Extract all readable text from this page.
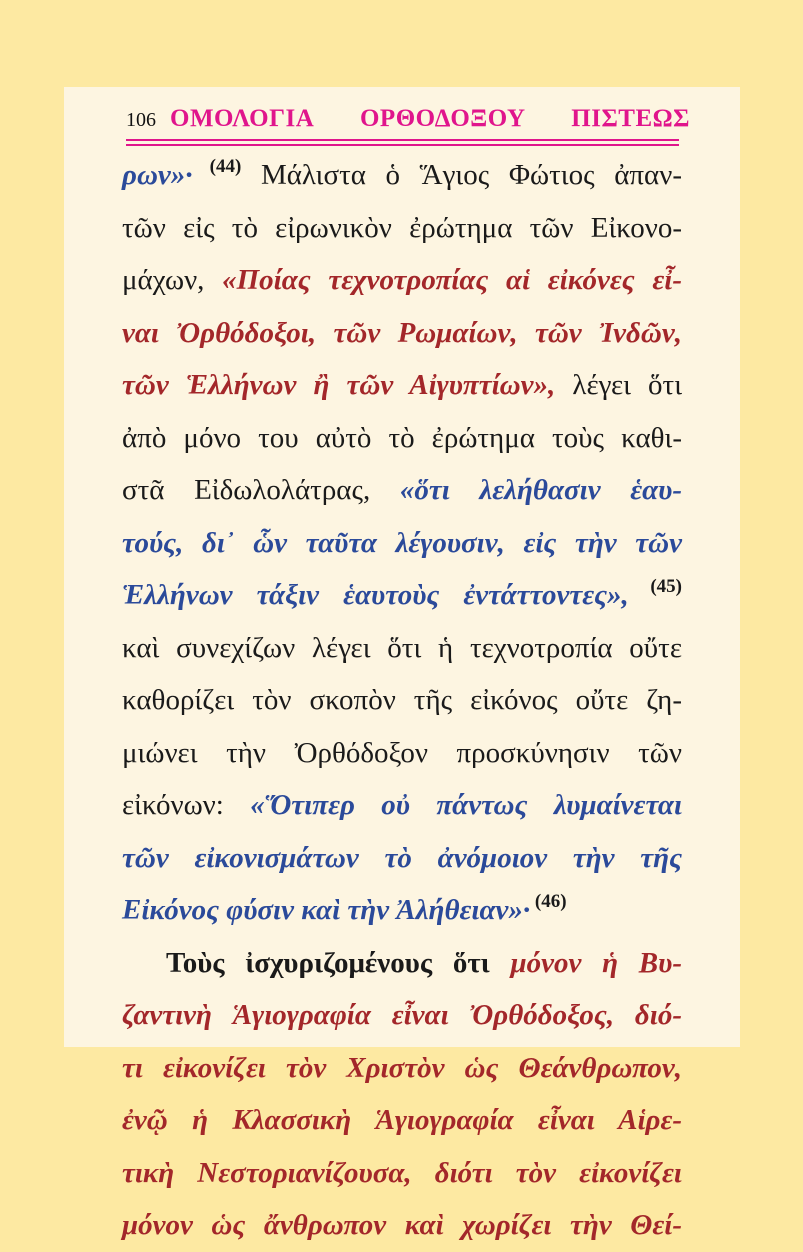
106 ΟΜΟΛΟΓΙΑ ΟΡΘΟΔΟΞΟΥ ΠΙΣΤΕΩΣ
ρων»· $^{(44)}$ Μάλιστα ὁ Ἅγιος Φώτιος ἀπαν-
τῶν εἰς τὸ εἰρωνικὸν ἐρώτημα τῶν Εἰκονο-
μάχων, «Ποίας τεχνοτροπίας αἱ εἰκόνες εἶ-
ναι Ὀρθόδοξοι, τῶν Ρωμαίων, τῶν Ἰνδῶν,
τῶν Ἑλλήνων ἢ τῶν Αἰγυπτίων», λέγει ὅτι
ἀπὸ μόνο του αὐτὸ τὸ ἐρώτημα τοὺς καθι-
στᾶ Εἰδωλολάτρας, «ὅτι λελήθασιν ἑαυ-
τούς, δι᾽ ὧν ταῦτα λέγουσιν, εἰς τὴν τῶν
Ἑλλήνων τάξιν ἑαυτοὺς ἐντάττοντες», $^{(45)}$
καὶ συνεχίζων λέγει ὅτι ἡ τεχνοτροπία οὔτε
καθορίζει τὸν σκοπὸν τῆς εἰκόνος οὔτε ζη-
μιώνει τὴν Ὀρθόδοξον προσκύνησιν τῶν
εἰκόνων: «Ὅτιπερ οὐ πάντως λυμαίνεται
τῶν εἰκονισμάτων τὸ ἀνόμοιον τὴν τῆς
Εἰκόνος φύσιν καὶ τὴν Ἀλήθειαν»· $^{(46)}$
Τοὺς ἰσχυριζομένους ὅτι μόνον ἡ Βυ-
ζαντινὴ Ἁγιογραφία εἶναι Ὀρθόδοξος, διό-
τι εἰκονίζει τὸν Χριστὸν ὡς Θεάνθρωπον,
ἐνῷ ἡ Κλασσικὴ Ἁγιογραφία εἶναι Αἱρε-
τικὴ Νεστοριανίζουσα, διότι τὸν εἰκονίζει
μόνον ὡς ἄνθρωπον καὶ χωρίζει τὴν Θεί-
